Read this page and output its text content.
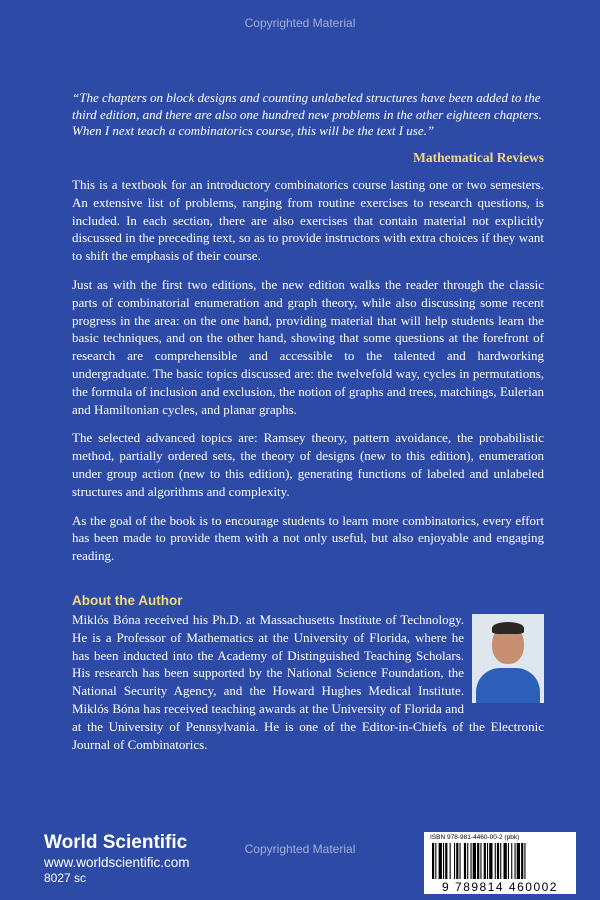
Copyrighted Material
“The chapters on block designs and counting unlabeled structures have been added to the third edition, and there are also one hundred new problems in the other eighteen chapters. When I next teach a combinatorics course, this will be the text I use.”
Mathematical Reviews

This is a textbook for an introductory combinatorics course lasting one or two semesters. An extensive list of problems, ranging from routine exercises to research questions, is included. In each section, there are also exercises that contain material not explicitly discussed in the preceding text, so as to provide instructors with extra choices if they want to shift the emphasis of their course.

Just as with the first two editions, the new edition walks the reader through the classic parts of combinatorial enumeration and graph theory, while also discussing some recent progress in the area: on the one hand, providing material that will help students learn the basic techniques, and on the other hand, showing that some questions at the forefront of research are comprehensible and accessible to the talented and hardworking undergraduate. The basic topics discussed are: the twelvefold way, cycles in permutations, the formula of inclusion and exclusion, the notion of graphs and trees, matchings, Eulerian and Hamiltonian cycles, and planar graphs.

The selected advanced topics are: Ramsey theory, pattern avoidance, the probabilistic method, partially ordered sets, the theory of designs (new to this edition), enumeration under group action (new to this edition), generating functions of labeled and unlabeled structures and algorithms and complexity.

As the goal of the book is to encourage students to learn more combinatorics, every effort has been made to provide them with a not only useful, but also enjoyable and engaging reading.

About the Author
Miklós Bóna received his Ph.D. at Massachusetts Institute of Technology. He is a Professor of Mathematics at the University of Florida, where he has been inducted into the Academy of Distinguished Teaching Scholars. His research has been supported by the National Science Foundation, the National Security Agency, and the Howard Hughes Medical Institute. Miklós Bóna has received teaching awards at the University of Florida and at the University of Pennsylvania. He is one of the Editor-in-Chiefs of the Electronic Journal of Combinatorics.
World Scientific
www.worldscientific.com
8027 sc
Copyrighted Material
ISBN 978-981-4460-00-2 (pbk)
9 789814 460002
